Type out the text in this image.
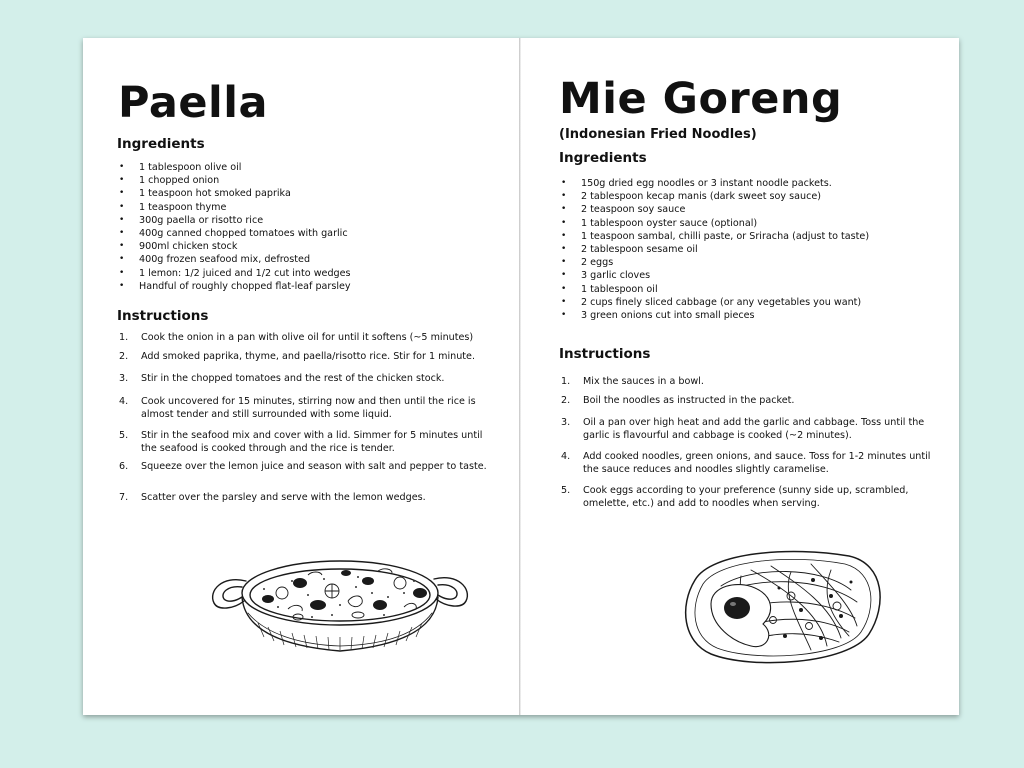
Paella
Ingredients
• 1 tablespoon olive oil
• 1 chopped onion
• 1 teaspoon hot smoked paprika
• 1 teaspoon thyme
• 300g paella or risotto rice
• 400g canned chopped tomatoes with garlic
• 900ml chicken stock
• 400g frozen seafood mix, defrosted
• 1 lemon: 1/2 juiced and 1/2 cut into wedges
• Handful of roughly chopped flat-leaf parsley
Instructions
1.	Cook the onion in a pan with olive oil for until it softens (~5 minutes)
2.	Add smoked paprika, thyme, and paella/risotto rice. Stir for 1 minute.
3.	Stir in the chopped tomatoes and the rest of the chicken stock.
4.	Cook uncovered for 15 minutes, stirring now and then until the rice is almost tender and still surrounded with some liquid.
5.	Stir in the seafood mix and cover with a lid. Simmer for 5 minutes until the seafood is cooked through and the rice is tender.
6.	Squeeze over the lemon juice and season with salt and pepper to taste.
7.	Scatter over the parsley and serve with the lemon wedges.
Mie Goreng
(Indonesian Fried Noodles)
Ingredients
• 150g dried egg noodles or 3 instant noodle packets.
• 2 tablespoon kecap manis (dark sweet soy sauce)
• 2 teaspoon soy sauce
• 1 tablespoon oyster sauce (optional)
• 1 teaspoon sambal, chilli paste, or Sriracha (adjust to taste)
• 2 tablespoon sesame oil
• 2 eggs
• 3 garlic cloves
• 1 tablespoon oil
• 2 cups finely sliced cabbage (or any vegetables you want)
• 3 green onions cut into small pieces
Instructions
1.	Mix the sauces in a bowl.
2.	Boil the noodles as instructed in the packet.
3.	Oil a pan over high heat and add the garlic and cabbage. Toss until the garlic is flavourful and cabbage is cooked (~2 minutes).
4.	Add cooked noodles, green onions, and sauce. Toss for 1-2 minutes until the sauce reduces and noodles slightly caramelise.
5.	Cook eggs according to your preference (sunny side up, scrambled, omelette, etc.) and add to noodles when serving.
